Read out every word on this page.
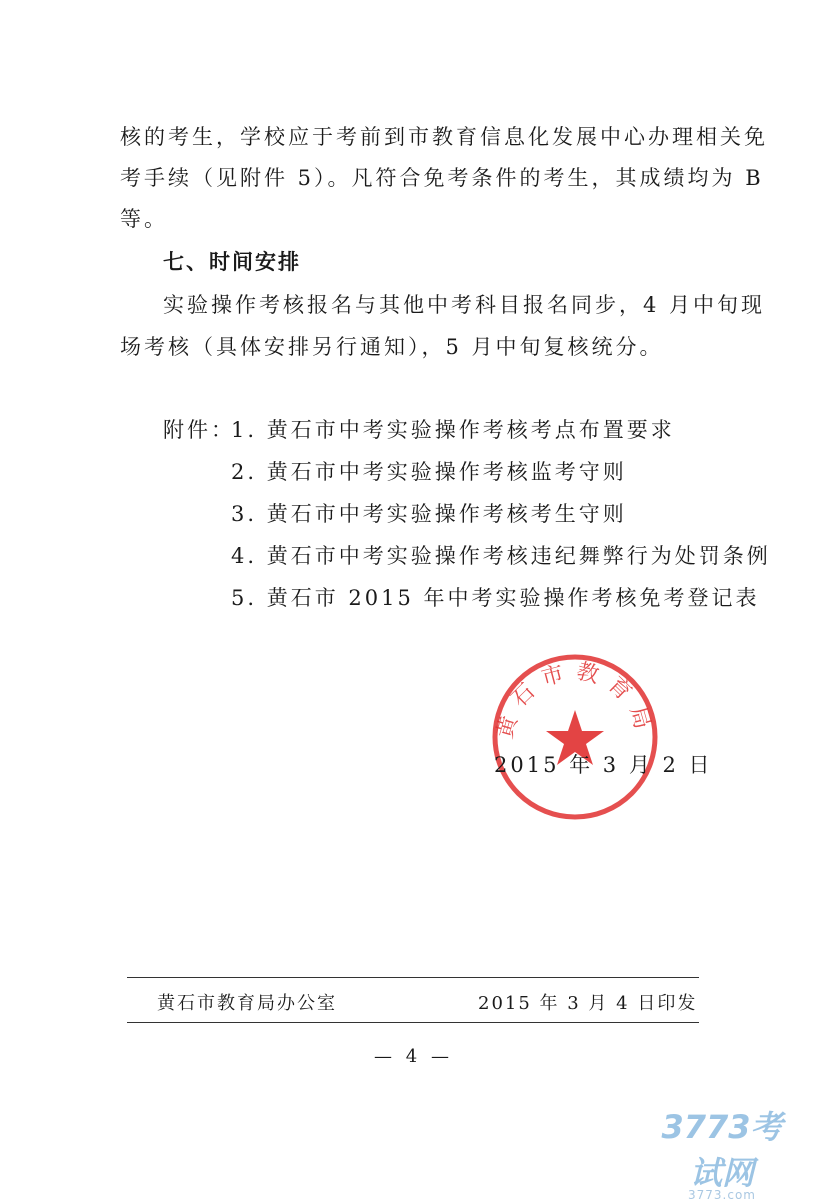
核的考生，学校应于考前到市教育信息化发展中心办理相关免
考手续（见附件 5）。凡符合免考条件的考生，其成绩均为 B
等。
七、时间安排
实验操作考核报名与其他中考科目报名同步，4 月中旬现
场考核（具体安排另行通知），5 月中旬复核统分。
附件：
1. 黄石市中考实验操作考核考点布置要求
2. 黄石市中考实验操作考核监考守则
3. 黄石市中考实验操作考核考生守则
4. 黄石市中考实验操作考核违纪舞弊行为处罚条例
5. 黄石市 2015 年中考实验操作考核免考登记表
黄石市教育局
2015 年 3 月 2 日
黄石市教育局办公室	2015 年 3 月 4 日印发
— 4 —
3773考试网
3773.com
